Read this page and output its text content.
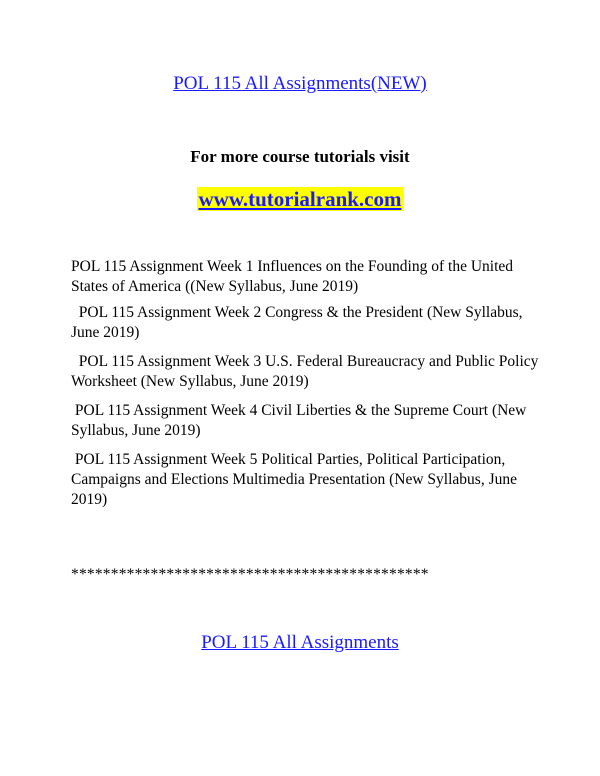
POL 115 All Assignments(NEW)
For more course tutorials visit
www.tutorialrank.com
POL 115 Assignment Week 1 Influences on the Founding of the United States of America ((New Syllabus, June 2019)
POL 115 Assignment Week 2 Congress & the President (New Syllabus, June 2019)
POL 115 Assignment Week 3 U.S. Federal Bureaucracy and Public Policy Worksheet (New Syllabus, June 2019)
POL 115 Assignment Week 4 Civil Liberties & the Supreme Court (New Syllabus, June 2019)
POL 115 Assignment Week 5 Political Parties, Political Participation, Campaigns and Elections Multimedia Presentation (New Syllabus, June 2019)
*********************************************
POL 115 All Assignments
